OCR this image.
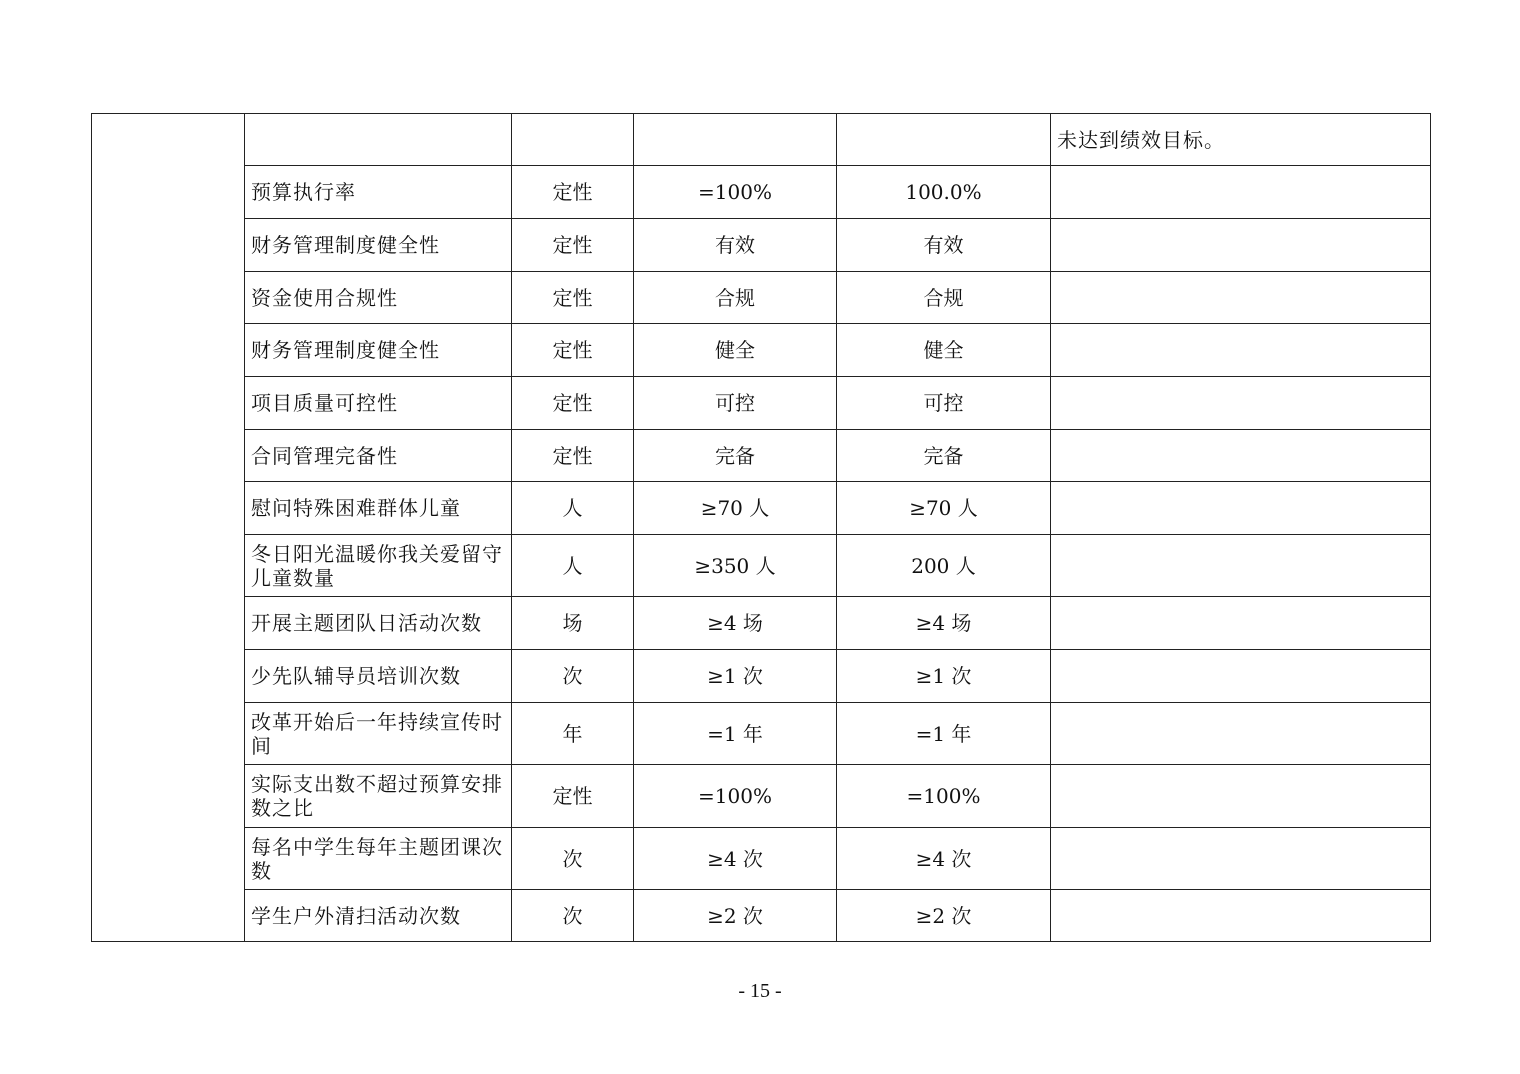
					未达到绩效目标。
	预算执行率	定性	=100%	100.0%	
	财务管理制度健全性	定性	有效	有效	
	资金使用合规性	定性	合规	合规	
	财务管理制度健全性	定性	健全	健全	
	项目质量可控性	定性	可控	可控	
	合同管理完备性	定性	完备	完备	
	慰问特殊困难群体儿童	人	≥70 人	≥70 人	
	冬日阳光温暖你我关爱留守儿童数量	人	≥350 人	200 人	
	开展主题团队日活动次数	场	≥4 场	≥4 场	
	少先队辅导员培训次数	次	≥1 次	≥1 次	
	改革开始后一年持续宣传时间	年	=1 年	=1 年	
	实际支出数不超过预算安排数之比	定性	=100%	=100%	
	每名中学生每年主题团课次数	次	≥4 次	≥4 次	
	学生户外清扫活动次数	次	≥2 次	≥2 次	
- 15 -
